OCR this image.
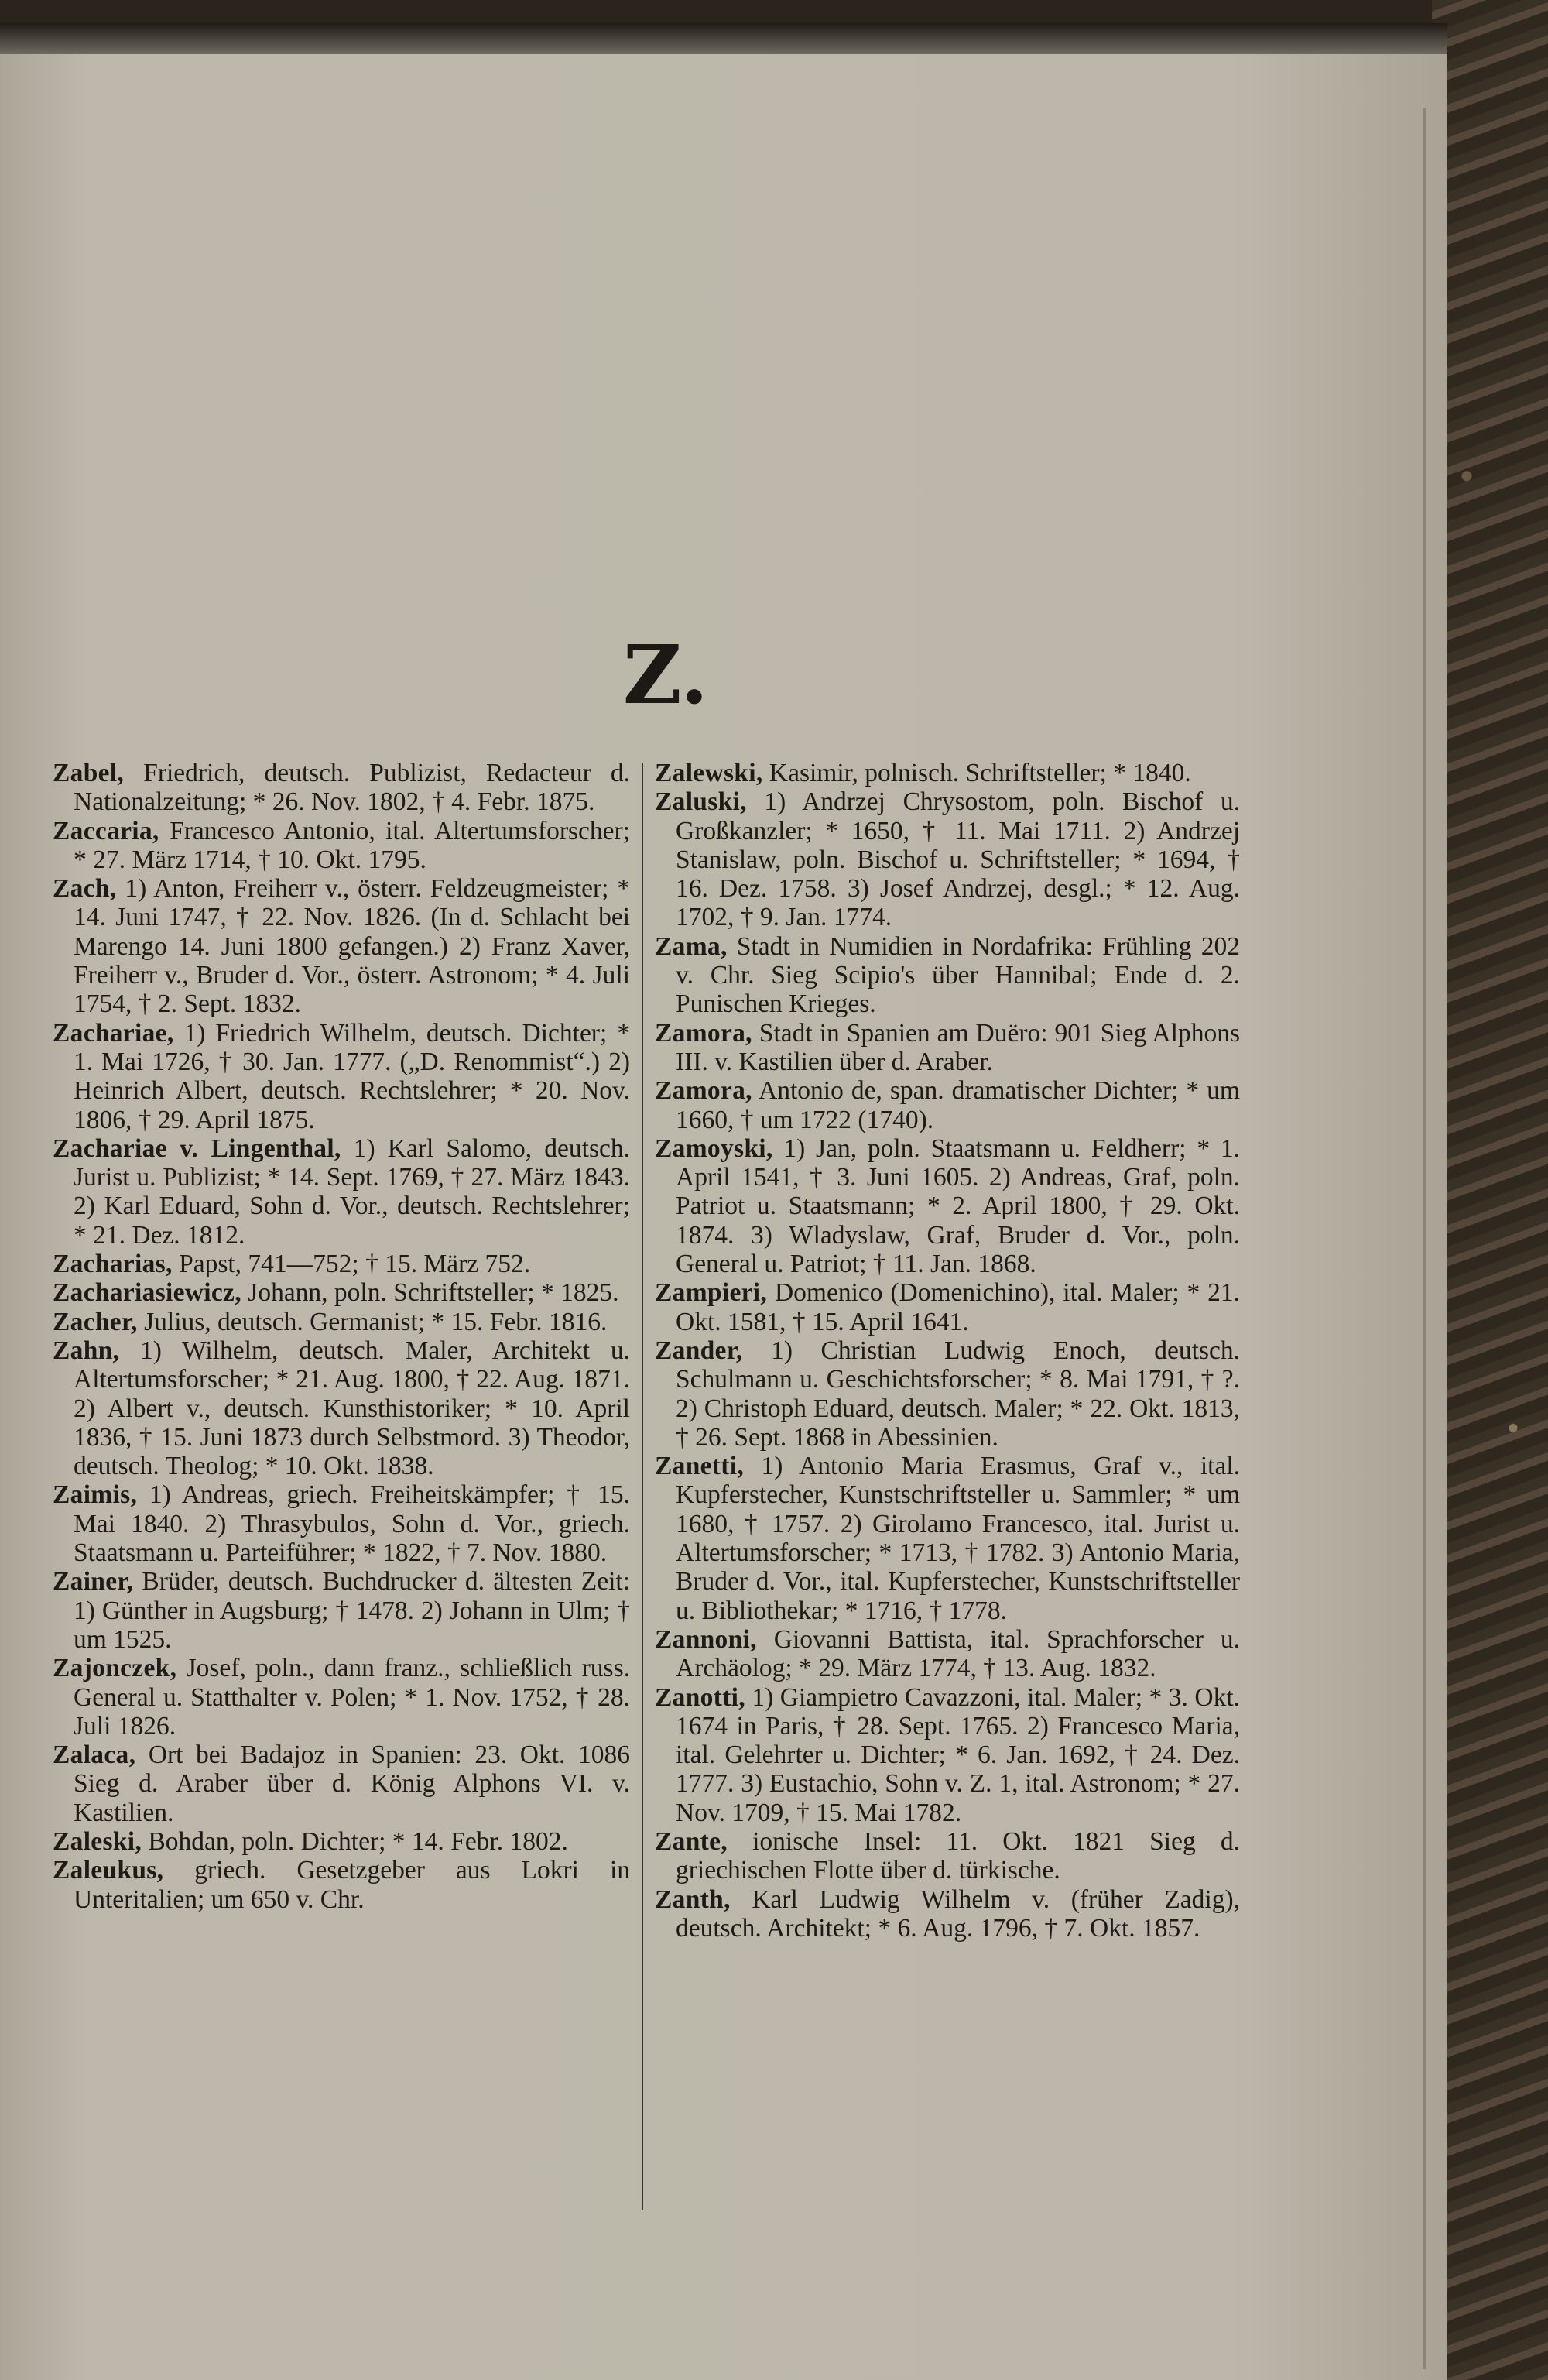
Z.

Zabel, Friedrich, deutsch. Publizist, Redacteur d. Nationalzeitung; * 26. Nov. 1802, † 4. Febr. 1875.

Zaccaria, Francesco Antonio, ital. Altertumsforscher; * 27. März 1714, † 10. Okt. 1795.

Zach, 1) Anton, Freiherr v., österr. Feldzeugmeister; * 14. Juni 1747, † 22. Nov. 1826. (In d. Schlacht bei Marengo 14. Juni 1800 gefangen.) 2) Franz Xaver, Freiherr v., Bruder d. Vor., österr. Astronom; * 4. Juli 1754, † 2. Sept. 1832.

Zachariae, 1) Friedrich Wilhelm, deutsch. Dichter; * 1. Mai 1726, † 30. Jan. 1777. („D. Renommist“.) 2) Heinrich Albert, deutsch. Rechtslehrer; * 20. Nov. 1806, † 29. April 1875.

Zachariae v. Lingenthal, 1) Karl Salomo, deutsch. Jurist u. Publizist; * 14. Sept. 1769, † 27. März 1843. 2) Karl Eduard, Sohn d. Vor., deutsch. Rechtslehrer; * 21. Dez. 1812.

Zacharias, Papst, 741—752; † 15. März 752.

Zachariasiewicz, Johann, poln. Schriftsteller; * 1825.

Zacher, Julius, deutsch. Germanist; * 15. Febr. 1816.

Zahn, 1) Wilhelm, deutsch. Maler, Architekt u. Altertumsforscher; * 21. Aug. 1800, † 22. Aug. 1871. 2) Albert v., deutsch. Kunsthistoriker; * 10. April 1836, † 15. Juni 1873 durch Selbstmord. 3) Theodor, deutsch. Theolog; * 10. Okt. 1838.

Zaimis, 1) Andreas, griech. Freiheitskämpfer; † 15. Mai 1840. 2) Thrasybulos, Sohn d. Vor., griech. Staatsmann u. Parteiführer; * 1822, † 7. Nov. 1880.

Zainer, Brüder, deutsch. Buchdrucker d. ältesten Zeit: 1) Günther in Augsburg; † 1478. 2) Johann in Ulm; † um 1525.

Zajonczek, Josef, poln., dann franz., schließlich russ. General u. Statthalter v. Polen; * 1. Nov. 1752, † 28. Juli 1826.

Zalaca, Ort bei Badajoz in Spanien: 23. Okt. 1086 Sieg d. Araber über d. König Alphons VI. v. Kastilien.

Zaleski, Bohdan, poln. Dichter; * 14. Febr. 1802.

Zaleukus, griech. Gesetzgeber aus Lokri in Unteritalien; um 650 v. Chr.

Zalewski, Kasimir, polnisch. Schriftsteller; * 1840.

Zaluski, 1) Andrzej Chrysostom, poln. Bischof u. Großkanzler; * 1650, † 11. Mai 1711. 2) Andrzej Stanislaw, poln. Bischof u. Schriftsteller; * 1694, † 16. Dez. 1758. 3) Josef Andrzej, desgl.; * 12. Aug. 1702, † 9. Jan. 1774.

Zama, Stadt in Numidien in Nordafrika: Frühling 202 v. Chr. Sieg Scipio's über Hannibal; Ende d. 2. Punischen Krieges.

Zamora, Stadt in Spanien am Duëro: 901 Sieg Alphons III. v. Kastilien über d. Araber.

Zamora, Antonio de, span. dramatischer Dichter; * um 1660, † um 1722 (1740).

Zamoyski, 1) Jan, poln. Staatsmann u. Feldherr; * 1. April 1541, † 3. Juni 1605. 2) Andreas, Graf, poln. Patriot u. Staatsmann; * 2. April 1800, † 29. Okt. 1874. 3) Wladyslaw, Graf, Bruder d. Vor., poln. General u. Patriot; † 11. Jan. 1868.

Zampieri, Domenico (Domenichino), ital. Maler; * 21. Okt. 1581, † 15. April 1641.

Zander, 1) Christian Ludwig Enoch, deutsch. Schulmann u. Geschichtsforscher; * 8. Mai 1791, † ?. 2) Christoph Eduard, deutsch. Maler; * 22. Okt. 1813, † 26. Sept. 1868 in Abessinien.

Zanetti, 1) Antonio Maria Erasmus, Graf v., ital. Kupferstecher, Kunstschriftsteller u. Sammler; * um 1680, † 1757. 2) Girolamo Francesco, ital. Jurist u. Altertumsforscher; * 1713, † 1782. 3) Antonio Maria, Bruder d. Vor., ital. Kupferstecher, Kunstschriftsteller u. Bibliothekar; * 1716, † 1778.

Zannoni, Giovanni Battista, ital. Sprachforscher u. Archäolog; * 29. März 1774, † 13. Aug. 1832.

Zanotti, 1) Giampietro Cavazzoni, ital. Maler; * 3. Okt. 1674 in Paris, † 28. Sept. 1765. 2) Francesco Maria, ital. Gelehrter u. Dichter; * 6. Jan. 1692, † 24. Dez. 1777. 3) Eustachio, Sohn v. Z. 1, ital. Astronom; * 27. Nov. 1709, † 15. Mai 1782.

Zante, ionische Insel: 11. Okt. 1821 Sieg d. griechischen Flotte über d. türkische.

Zanth, Karl Ludwig Wilhelm v. (früher Zadig), deutsch. Architekt; * 6. Aug. 1796, † 7. Okt. 1857.
